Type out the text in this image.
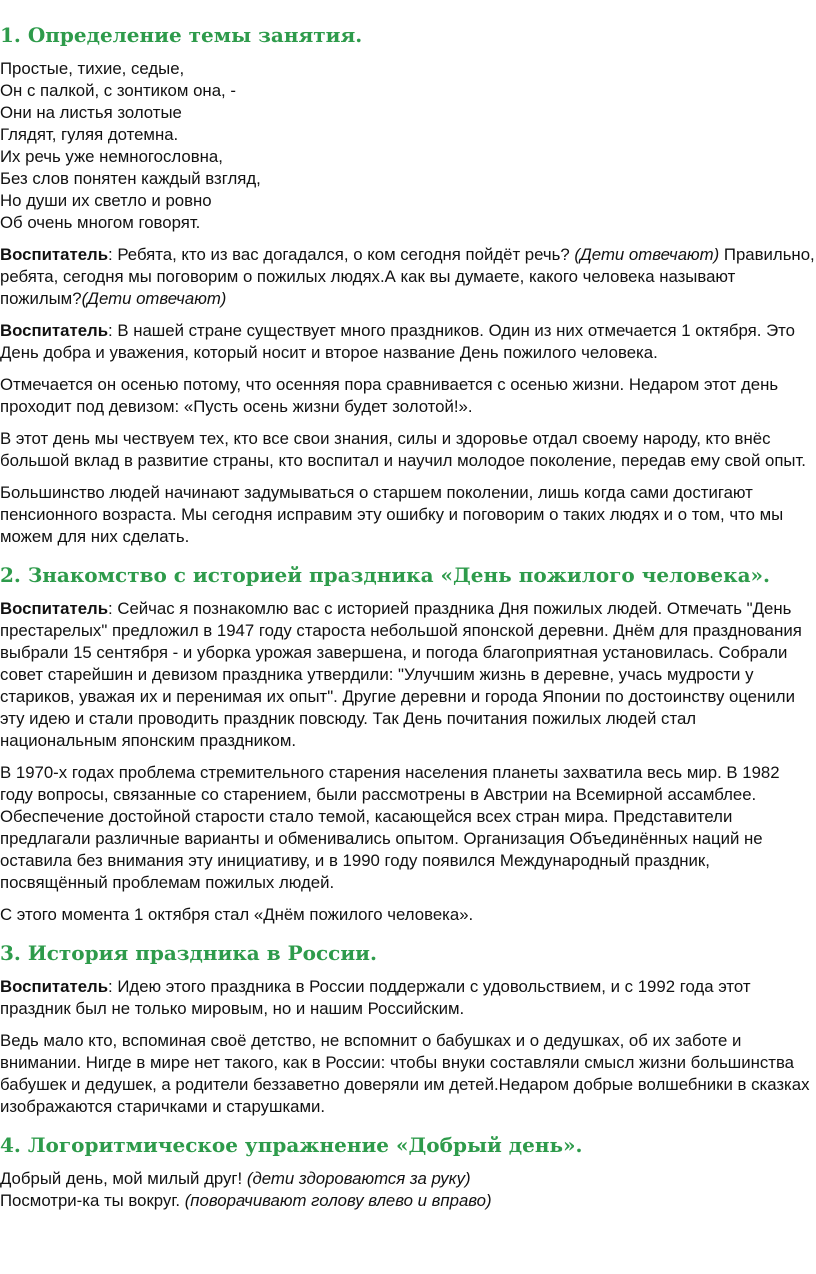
1. Определение темы занятия.
Простые, тихие, седые,
Он с палкой, с зонтиком она, -
Они на листья золотые
Глядят, гуляя дотемна.
Их речь уже немногословна,
Без слов понятен каждый взгляд,
Но души их светло и ровно
Об очень многом говорят.

Воспитатель: Ребята, кто из вас догадался, о ком сегодня пойдёт речь? (Дети отвечают) Правильно, ребята, сегодня мы поговорим о пожилых людях.А как вы думаете, какого человека называют пожилым?(Дети отвечают)

Воспитатель: В нашей стране существует много праздников. Один из них отмечается 1 октября. Это День добра и уважения, который носит и второе название День пожилого человека.

Отмечается он осенью потому, что осенняя пора сравнивается с осенью жизни. Недаром этот день проходит под девизом: «Пусть осень жизни будет золотой!».

В этот день мы чествуем тех, кто все свои знания, силы и здоровье отдал своему народу, кто внёс большой вклад в развитие страны, кто воспитал и научил молодое поколение, передав ему свой опыт.

Большинство людей начинают задумываться о старшем поколении, лишь когда сами достигают пенсионного возраста. Мы сегодня исправим эту ошибку и поговорим о таких людях и о том, что мы можем для них сделать.

2. Знакомство с историей праздника «День пожилого человека».

Воспитатель: Сейчас я познакомлю вас с историей праздника Дня пожилых людей. Отмечать "День престарелых" предложил в 1947 году староста небольшой японской деревни. Днём для празднования выбрали 15 сентября - и уборка урожая завершена, и погода благоприятная установилась. Собрали совет старейшин и девизом праздника утвердили: "Улучшим жизнь в деревне, учась мудрости у стариков, уважая их и перенимая их опыт". Другие деревни и города Японии по достоинству оценили эту идею и стали проводить праздник повсюду. Так День почитания пожилых людей стал национальным японским праздником.

В 1970-х годах проблема стремительного старения населения планеты захватила весь мир. В 1982 году вопросы, связанные со старением, были рассмотрены в Австрии на Всемирной ассамблее. Обеспечение достойной старости стало темой, касающейся всех стран мира. Представители предлагали различные варианты и обменивались опытом. Организация Объединённых наций не оставила без внимания эту инициативу, и в 1990 году появился Международный праздник, посвящённый проблемам пожилых людей.

С этого момента 1 октября стал «Днём пожилого человека».

3. История праздника в России.

Воспитатель: Идею этого праздника в России поддержали с удовольствием, и с 1992 года этот праздник был не только мировым, но и нашим Российским.

Ведь мало кто, вспоминая своё детство, не вспомнит о бабушках и о дедушках, об их заботе и внимании. Нигде в мире нет такого, как в России: чтобы внуки составляли смысл жизни большинства бабушек и дедушек, а родители беззаветно доверяли им детей.Недаром добрые волшебники в сказках изображаются старичками и старушками.

4. Логоритмическое упражнение «Добрый день».
Добрый день, мой милый друг! (дети здороваются за руку)
Посмотри-ка ты вокруг. (поворачивают голову влево и вправо)
